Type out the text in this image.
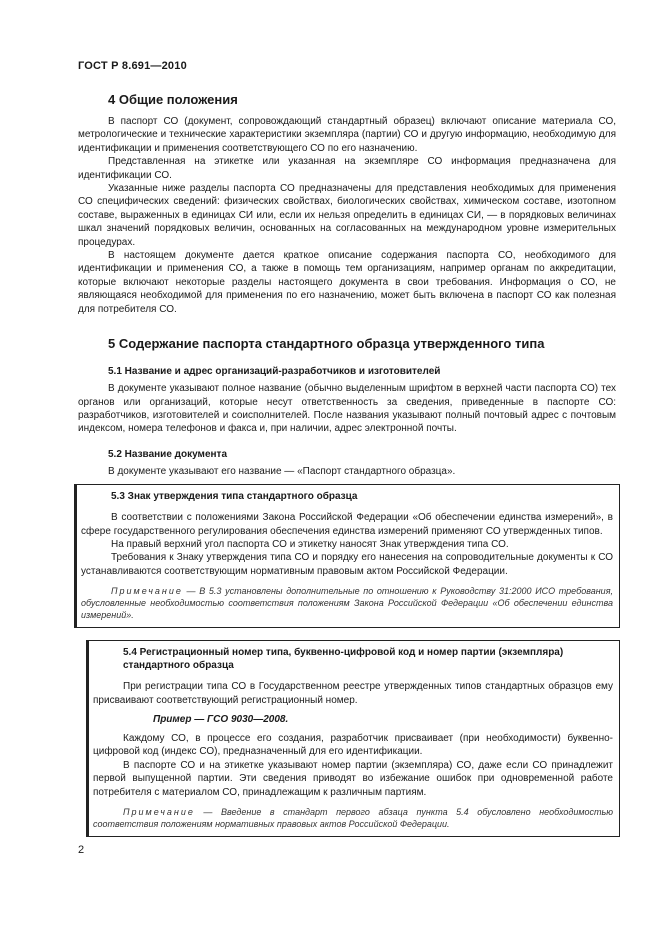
ГОСТ Р 8.691—2010
4 Общие положения

В паспорт СО (документ, сопровождающий стандартный образец) включают описание материала СО, метрологические и технические характеристики экземпляра (партии) СО и другую информацию, необходимую для идентификации и применения соответствующего СО по его назначению.

Представленная на этикетке или указанная на экземпляре СО информация предназначена для идентификации СО.

Указанные ниже разделы паспорта СО предназначены для представления необходимых для применения СО специфических сведений: физических свойствах, биологических свойствах, химическом составе, изотопном составе, выраженных в единицах СИ или, если их нельзя определить в единицах СИ, — в порядковых величинах шкал значений порядковых величин, основанных на согласованных на международном уровне измерительных процедурах.

В настоящем документе дается краткое описание содержания паспорта СО, необходимого для идентификации и применения СО, а также в помощь тем организациям, например органам по аккредитации, которые включают некоторые разделы настоящего документа в свои требования. Информация о СО, не являющаяся необходимой для применения по его назначению, может быть включена в паспорт СО как полезная для потребителя СО.

5 Содержание паспорта стандартного образца утвержденного типа
5.1 Название и адрес организаций-разработчиков и изготовителей

В документе указывают полное название (обычно выделенным шрифтом в верхней части паспорта СО) тех органов или организаций, которые несут ответственность за сведения, приведенные в паспорте СО: разработчиков, изготовителей и соисполнителей. После названия указывают полный почтовый адрес с почтовым индексом, номера телефонов и факса и, при наличии, адрес электронной почты.

5.2 Название документа

В документе указывают его название — «Паспорт стандартного образца».

5.3 Знак утверждения типа стандартного образца

В соответствии с положениями Закона Российской Федерации «Об обеспечении единства измерений», в сфере государственного регулирования обеспечения единства измерений применяют СО утвержденных типов.

На правый верхний угол паспорта СО и этикетку наносят Знак утверждения типа СО.

Требования к Знаку утверждения типа СО и порядку его нанесения на сопроводительные документы к СО устанавливаются соответствующим нормативным правовым актом Российской Федерации.

Примечание — В 5.3 установлены дополнительные по отношению к Руководству 31:2000 ИСО требования, обусловленные необходимостью соответствия положениям Закона Российской Федерации «Об обеспечении единства измерений».

5.4 Регистрационный номер типа, буквенно-цифровой код и номер партии (экземпляра) стандартного образца

При регистрации типа СО в Государственном реестре утвержденных типов стандартных образцов ему присваивают соответствующий регистрационный номер.

Пример — ГСО 9030—2008.

Каждому СО, в процессе его создания, разработчик присваивает (при необходимости) буквенно-цифровой код (индекс СО), предназначенный для его идентификации.

В паспорте СО и на этикетке указывают номер партии (экземпляра) СО, даже если СО принадлежит первой выпущенной партии. Эти сведения приводят во избежание ошибок при одновременной работе потребителя с материалом СО, принадлежащим к различным партиям.

Примечание — Введение в стандарт первого абзаца пункта 5.4 обусловлено необходимостью соответствия положениям нормативных правовых актов Российской Федерации.

2
